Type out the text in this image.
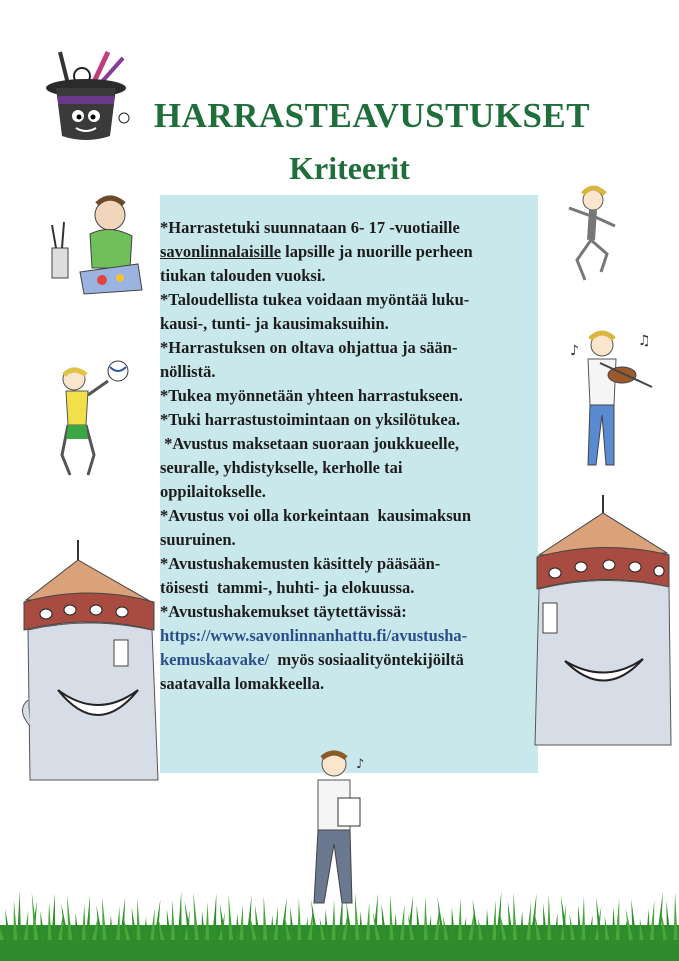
♪
♫
♪
HARRASTEAVUSTUKSET
Kriteerit
*Harrastetuki suunnataan 6- 17 -vuotiaille
savonlinnalaisille lapsille ja nuorille perheen
tiukan talouden vuoksi.
*Taloudellista tukea voidaan myöntää luku-
kausi-, tunti- ja kausimaksuihin.
*Harrastuksen on oltava ohjattua ja sään-
nöllistä.
*Tukea myönnetään yhteen harrastukseen.
*Tuki harrastustoimintaan on yksilötukea.
*Avustus maksetaan suoraan joukkueelle,
seuralle, yhdistykselle, kerholle tai
oppilaitokselle.
*Avustus voi olla korkeintaan  kausimaksun
suuruinen.
*Avustushakemusten käsittely pääsään-
töisesti  tammi-, huhti- ja elokuussa.
*Avustushakemukset täytettävissä:
https://www.savonlinnanhattu.fi/avustusha-
kemuskaavake/  myös sosiaalityöntekijöiltä
saatavalla lomakkeella.
